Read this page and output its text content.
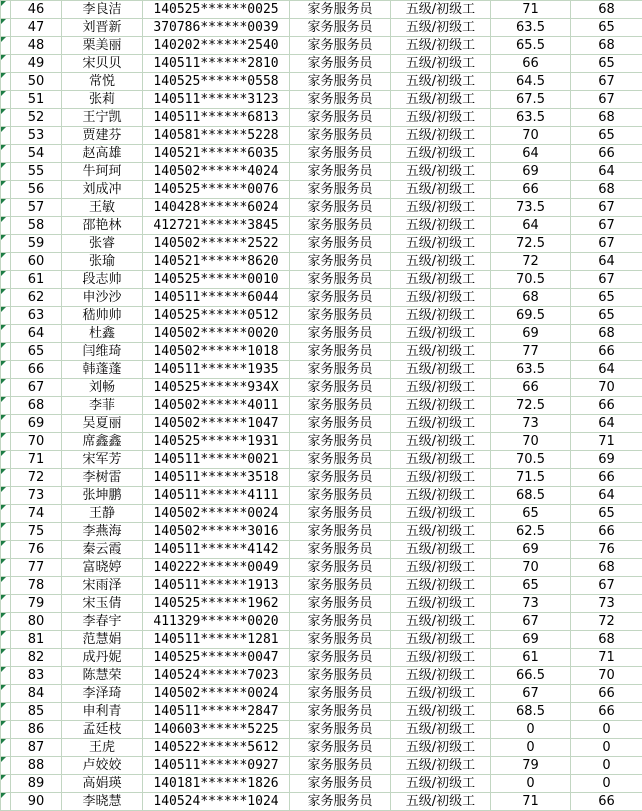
	46	李良洁	140525******0025	家务服务员	五级/初级工	71	68

	47	刘晋新	370786******0039	家务服务员	五级/初级工	63.5	65

	48	栗美丽	140202******2540	家务服务员	五级/初级工	65.5	68

	49	宋贝贝	140511******2810	家务服务员	五级/初级工	66	65

	50	常悦	140525******0558	家务服务员	五级/初级工	64.5	67

	51	张莉	140511******3123	家务服务员	五级/初级工	67.5	67

	52	王宁凯	140511******6813	家务服务员	五级/初级工	63.5	68

	53	贾建芬	140581******5228	家务服务员	五级/初级工	70	65

	54	赵高雄	140521******6035	家务服务员	五级/初级工	64	66

	55	牛珂珂	140502******4024	家务服务员	五级/初级工	69	64

	56	刘成冲	140525******0076	家务服务员	五级/初级工	66	68

	57	王敏	140428******6024	家务服务员	五级/初级工	73.5	67

	58	邵艳林	412721******3845	家务服务员	五级/初级工	64	67

	59	张睿	140502******2522	家务服务员	五级/初级工	72.5	67

	60	张瑜	140521******8620	家务服务员	五级/初级工	72	64

	61	段志帅	140525******0010	家务服务员	五级/初级工	70.5	67

	62	申沙沙	140511******6044	家务服务员	五级/初级工	68	65

	63	嵇帅帅	140525******0512	家务服务员	五级/初级工	69.5	65

	64	杜鑫	140502******0020	家务服务员	五级/初级工	69	68

	65	闫维琦	140502******1018	家务服务员	五级/初级工	77	66

	66	韩蓬蓬	140511******1935	家务服务员	五级/初级工	63.5	64

	67	刘畅	140525******934X	家务服务员	五级/初级工	66	70

	68	李菲	140502******4011	家务服务员	五级/初级工	72.5	66

	69	吴夏丽	140502******1047	家务服务员	五级/初级工	73	64

	70	席鑫鑫	140525******1931	家务服务员	五级/初级工	70	71

	71	宋军芳	140511******0021	家务服务员	五级/初级工	70.5	69

	72	李树雷	140511******3518	家务服务员	五级/初级工	71.5	66

	73	张坤鹏	140511******4111	家务服务员	五级/初级工	68.5	64

	74	王静	140502******0024	家务服务员	五级/初级工	65	65

	75	李燕海	140502******3016	家务服务员	五级/初级工	62.5	66

	76	秦云霞	140511******4142	家务服务员	五级/初级工	69	76

	77	富晓婷	140222******0049	家务服务员	五级/初级工	70	68

	78	宋雨泽	140511******1913	家务服务员	五级/初级工	65	67

	79	宋玉倩	140525******1962	家务服务员	五级/初级工	73	73

	80	李春宇	411329******0020	家务服务员	五级/初级工	67	72

	81	范慧娟	140511******1281	家务服务员	五级/初级工	69	68

	82	成丹妮	140525******0047	家务服务员	五级/初级工	61	71

	83	陈慧荣	140524******7023	家务服务员	五级/初级工	66.5	70

	84	李泽琦	140502******0024	家务服务员	五级/初级工	67	66

	85	申利青	140511******2847	家务服务员	五级/初级工	68.5	66

	86	孟廷枝	140603******5225	家务服务员	五级/初级工	0	0

	87	王虎	140522******5612	家务服务员	五级/初级工	0	0

	88	卢姣姣	140511******0927	家务服务员	五级/初级工	79	0

	89	高娟瑛	140181******1826	家务服务员	五级/初级工	0	0

	90	李晓慧	140524******1024	家务服务员	五级/初级工	71	66
